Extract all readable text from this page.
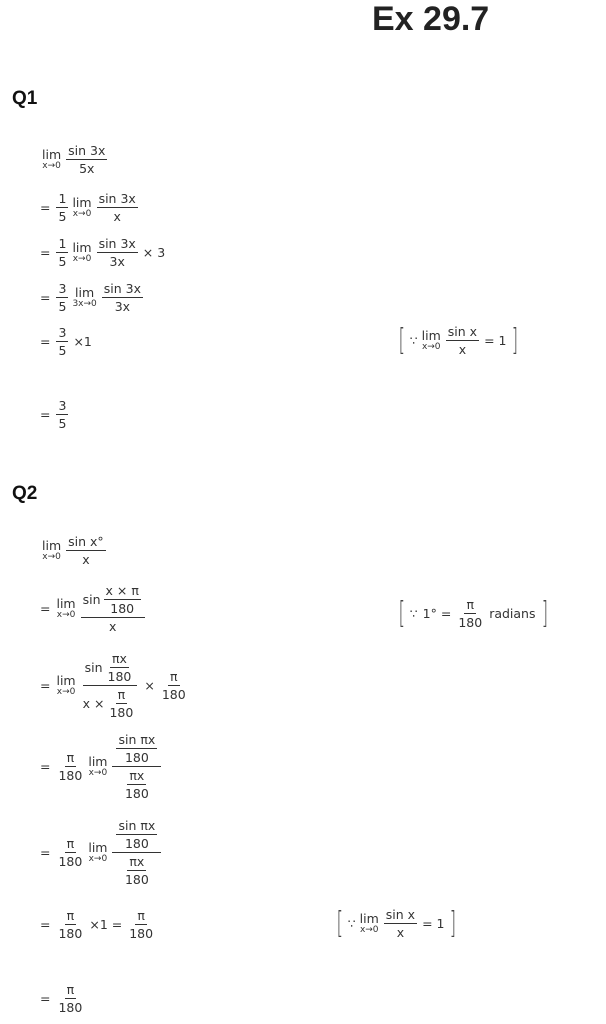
Ex 29.7
Q1
lim
$x\to 0 \frac{\sin 3x}{5x}$
= $\frac{1}{5}$ lim
$x\to 0 \frac{\sin 3x}{x}$
= $\frac{1}{5}$ lim
$x\to 0 \frac{\sin 3x}{3x} \times 3$
= $\frac{3}{5}$ lim
$3x\to 0 \frac{\sin 3x}{3x}$
= $\frac{3}{5} \times 1$	[ ∵ lim
$x\to 0 \frac{\text{sin x}}{x} = 1$ ]
= $\frac{3}{5}$
Q2
lim
$x\to 0 \frac{\text{sin x°}}{x}$
= lim
$x\to 0 \frac{\sin \frac{x \times \pi}{180}}{x}$	[ ∵ $1^\circ = \frac{\pi}{180}$ radians ]
= lim
$x\to 0 \frac{\sin \frac{\pi x}{180}}{x \times \frac{\pi}{180}} \times \frac{\pi}{180}$
= $\frac{\pi}{180}$ lim
$x\to 0 \frac{\frac{\text{sin πx}}{180}}{\frac{\pi x}{180}}$
= $\frac{\pi}{180}$ lim
$x\to 0 \frac{\frac{\text{sin πx}}{180}}{\frac{\pi x}{180}}$
= $\frac{\pi}{180} \times 1 = \frac{\pi}{180}$	[ ∵ lim
$x\to 0 \frac{\text{sin x}}{x} = 1$ ]
= $\frac{\pi}{180}$
